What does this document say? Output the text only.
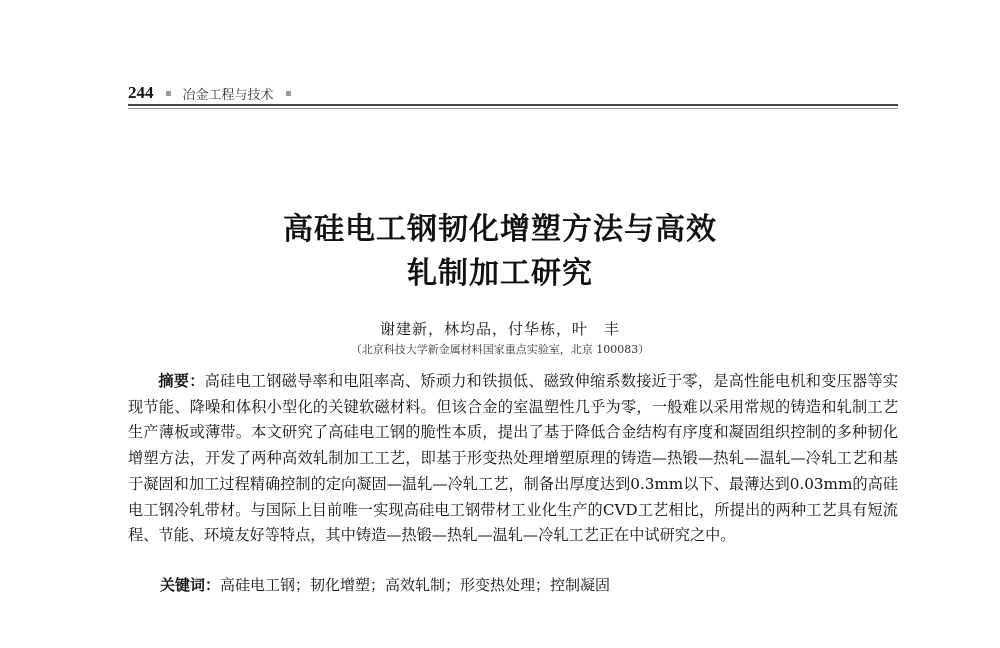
244 冶金工程与技术
高硅电工钢韧化增塑方法与高效
轧制加工研究
谢建新，林均品，付华栋，叶　丰
（北京科技大学新金属材料国家重点实验室，北京 100083）

摘要：高硅电工钢磁导率和电阻率高、矫顽力和铁损低、磁致伸缩系数接近于零，是高性能电机和变压器等实现节能、降噪和体积小型化的关键软磁材料。但该合金的室温塑性几乎为零，一般难以采用常规的铸造和轧制工艺生产薄板或薄带。本文研究了高硅电工钢的脆性本质，提出了基于降低合金结构有序度和凝固组织控制的多种韧化增塑方法，开发了两种高效轧制加工工艺，即基于形变热处理增塑原理的铸造—热锻—热轧—温轧—冷轧工艺和基于凝固和加工过程精确控制的定向凝固—温轧—冷轧工艺，制备出厚度达到0.3mm以下、最薄达到0.03mm的高硅电工钢冷轧带材。与国际上目前唯一实现高硅电工钢带材工业化生产的CVD工艺相比，所提出的两种工艺具有短流程、节能、环境友好等特点，其中铸造—热锻—热轧—温轧—冷轧工艺正在中试研究之中。

关键词：高硅电工钢；韧化增塑；高效轧制；形变热处理；控制凝固
